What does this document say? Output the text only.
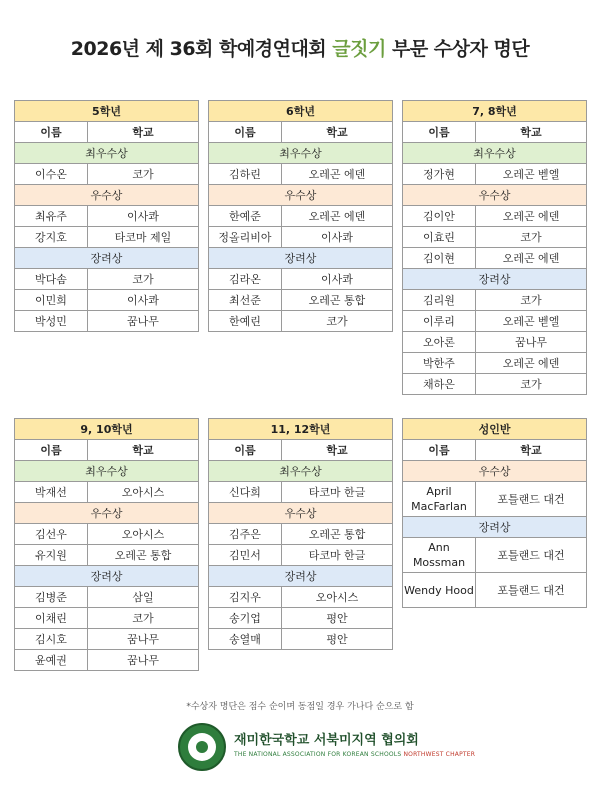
2026년 제 36회 학예경연대회 글짓기 부문 수상자 명단
5학년	
이름	학교
최우수상	
이수온	코가
우수상	
최유주	이사콰
강지호	타코마 제일
장려상	
박다솜	코가
이민희	이사콰
박성민	꿈나무
6학년	
이름	학교
최우수상	
김하린	오레곤 에덴
우수상	
한예준	오레곤 에덴
정올리비아	이사콰
장려상	
김라온	이사콰
최선준	오레곤 통합
한예린	코가
7, 8학년	
이름	학교
최우수상	
정가현	오레곤 벧엘
우수상	
김이안	오레곤 에덴
이효린	코가
김이현	오레곤 에덴
장려상	
김리원	코가
이루리	오레곤 벧엘
오아론	꿈나무
박한주	오레곤 에덴
채하은	코가
9, 10학년	
이름	학교
최우수상	
박재선	오아시스
우수상	
김선우	오아시스
유지원	오레곤 통합
장려상	
김병준	삼일
이채린	코가
김시호	꿈나무
윤예권	꿈나무
11, 12학년	
이름	학교
최우수상	
신다희	타코마 한글
우수상	
김주은	오레곤 통합
김민서	타코마 한글
장려상	
김지우	오아시스
송기업	평안
송열매	평안
성인반	
이름	학교
우수상	
April MacFarlan	포틀랜드 대건
장려상	
Ann Mossman	포틀랜드 대건
Wendy Hood	포틀랜드 대건
*수상자 명단은 점수 순이며 동점일 경우 가나다 순으로 함
재미한국학교 서북미지역 협의회
THE NATIONAL ASSOCIATION FOR KOREAN SCHOOLS NORTHWEST CHAPTER
